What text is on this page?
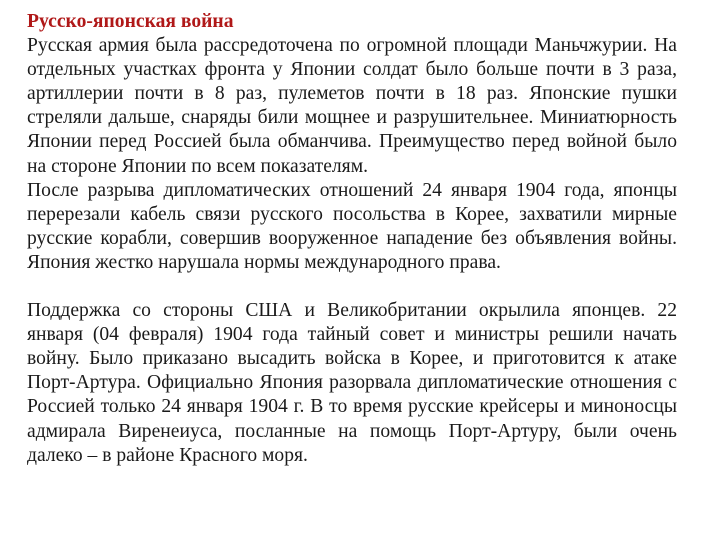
Русско-японская война

Русская армия была рассредоточена по огромной площади Маньчжурии. На отдельных участках фронта у Японии солдат было больше почти в 3 раза, артиллерии почти в 8 раз, пулеметов почти в 18 раз. Японские пушки стреляли дальше, снаряды били мощнее и разрушительнее. Миниатюрность Японии перед Россией была обманчива. Преимущество перед войной было на стороне Японии по всем показателям.

После разрыва дипломатических отношений 24 января 1904 года, японцы перерезали кабель связи русского посольства в Корее, захватили мирные русские корабли, совершив вооруженное нападение без объявления войны. Япония жестко нарушала нормы международного права.

Поддержка со стороны США и Великобритании окрылила японцев. 22 января (04 февраля) 1904 года тайный совет и министры решили начать войну. Было приказано высадить войска в Корее, и приготовится к атаке Порт-Артура. Официально Япония разорвала дипломатические отношения с Россией только 24 января 1904 г. В то время русские крейсеры и миноносцы адмирала Виренеиуса, посланные на помощь Порт-Артуру, были очень далеко – в районе Красного моря.
